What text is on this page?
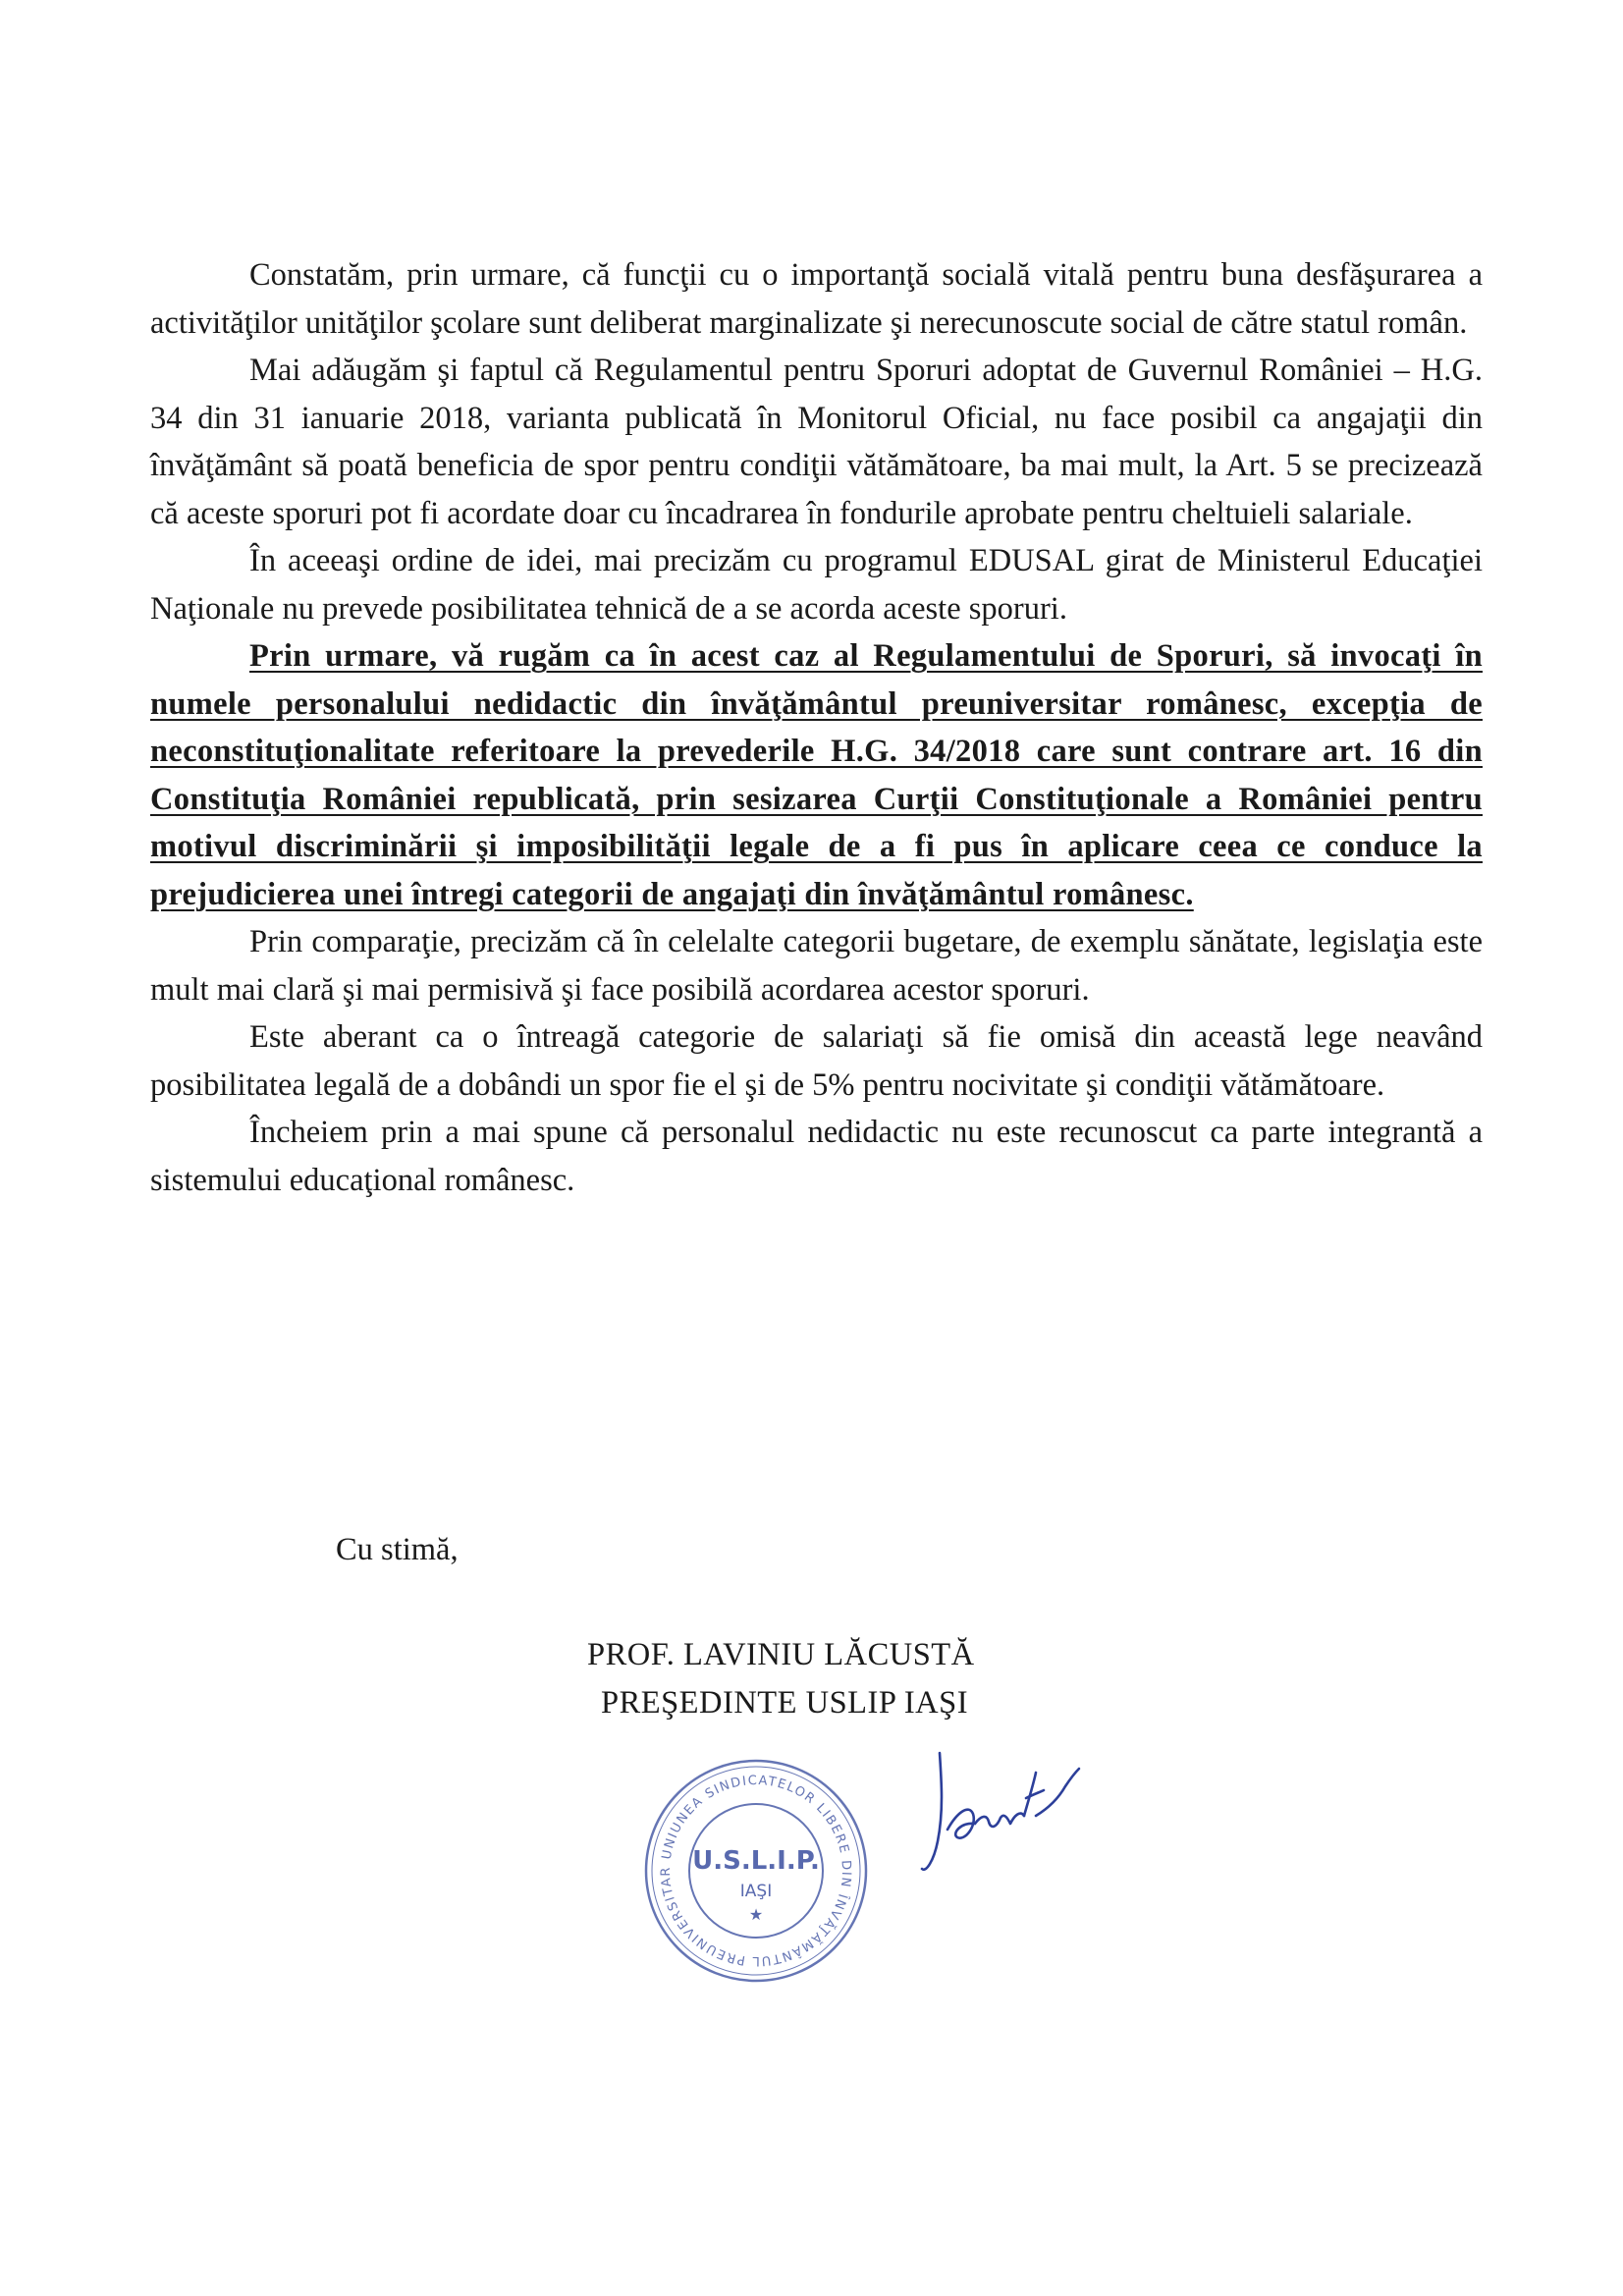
Constatăm, prin urmare, că funcţii cu o importanţă socială vitală pentru buna desfăşurarea a activităţilor unităţilor şcolare sunt deliberat marginalizate şi nerecunoscute social de către statul român.

Mai adăugăm şi faptul că Regulamentul pentru Sporuri adoptat de Guvernul României – H.G. 34 din 31 ianuarie 2018, varianta publicată în Monitorul Oficial, nu face posibil ca angajaţii din învăţământ să poată beneficia de spor pentru condiţii vătămătoare, ba mai mult, la Art. 5 se precizează că aceste sporuri pot fi acordate doar cu încadrarea în fondurile aprobate pentru cheltuieli salariale.

În aceeaşi ordine de idei, mai precizăm cu programul EDUSAL girat de Ministerul Educaţiei Naţionale nu prevede posibilitatea tehnică de a se acorda aceste sporuri.

Prin urmare, vă rugăm ca în acest caz al Regulamentului de Sporuri, să invocaţi în numele personalului nedidactic din învăţământul preuniversitar românesc, excepţia de neconstituţionalitate referitoare la prevederile H.G. 34/2018 care sunt contrare art. 16 din Constituţia României republicată, prin sesizarea Curţii Constituţionale a României pentru motivul discriminării şi imposibilităţii legale de a fi pus în aplicare ceea ce conduce la prejudicierea unei întregi categorii de angajaţi din învăţământul românesc.

Prin comparaţie, precizăm că în celelalte categorii bugetare, de exemplu sănătate, legislaţia este mult mai clară şi mai permisivă şi face posibilă acordarea acestor sporuri.

Este aberant ca o întreagă categorie de salariaţi să fie omisă din această lege neavând posibilitatea legală de a dobândi un spor fie el şi de 5% pentru nocivitate şi condiţii vătămătoare.

Încheiem prin a mai spune că personalul nedidactic nu este recunoscut ca parte integrantă a sistemului educaţional românesc.

Cu stimă,
PROF. LAVINIU LĂCUSTĂ
PREŞEDINTE USLIP IAŞI
UNIUNEA SINDICATELOR LIBERE DIN ÎNVĂŢĂMÂNTUL PREUNIVERSITAR U.S.L.I.P.
IAŞI
★
